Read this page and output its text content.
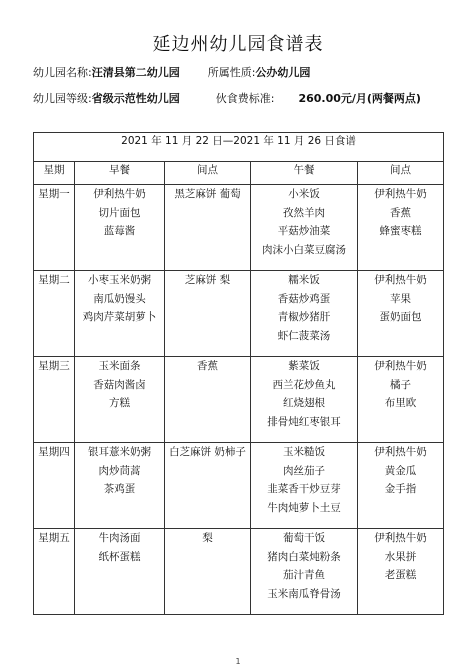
延边州幼儿园食谱表
幼儿园名称:汪清县第二幼儿园	所属性质:公办幼儿园
幼儿园等级:省级示范性幼儿园	伙食费标准: 260.00元/月(两餐两点)
2021 年 11 月 22 日—2021 年 11 月 26 日食谱				
星期	早餐	间点	午餐	间点

星期一	伊利热牛奶
切片面包
蓝莓酱	黑芝麻饼 葡萄	小米饭
孜然羊肉
平菇炒油菜
肉沫小白菜豆腐汤	伊利热牛奶
香蕉
蜂蜜枣糕

星期二	小枣玉米奶粥
南瓜奶馒头
鸡肉芹菜胡萝卜	芝麻饼 梨	糯米饭
香菇炒鸡蛋
青椒炒猪肝
虾仁菠菜汤	伊利热牛奶
苹果
蛋奶面包

星期三	玉米面条
香菇肉酱卤
方糕	香蕉	紫菜饭
西兰花炒鱼丸
红烧翅根
排骨炖红枣银耳	伊利热牛奶
橘子
布里欧

星期四	银耳薏米奶粥
肉炒茼蒿
茶鸡蛋	白芝麻饼 奶柿子	玉米糙饭
肉丝茄子
韭菜香干炒豆芽
牛肉炖萝卜土豆	伊利热牛奶
黄金瓜
金手指

星期五	牛肉汤面
纸杯蛋糕	梨	葡萄干饭
猪肉白菜炖粉条
茄汁青鱼
玉米南瓜脊骨汤	伊利热牛奶
水果拼
老蛋糕
1
